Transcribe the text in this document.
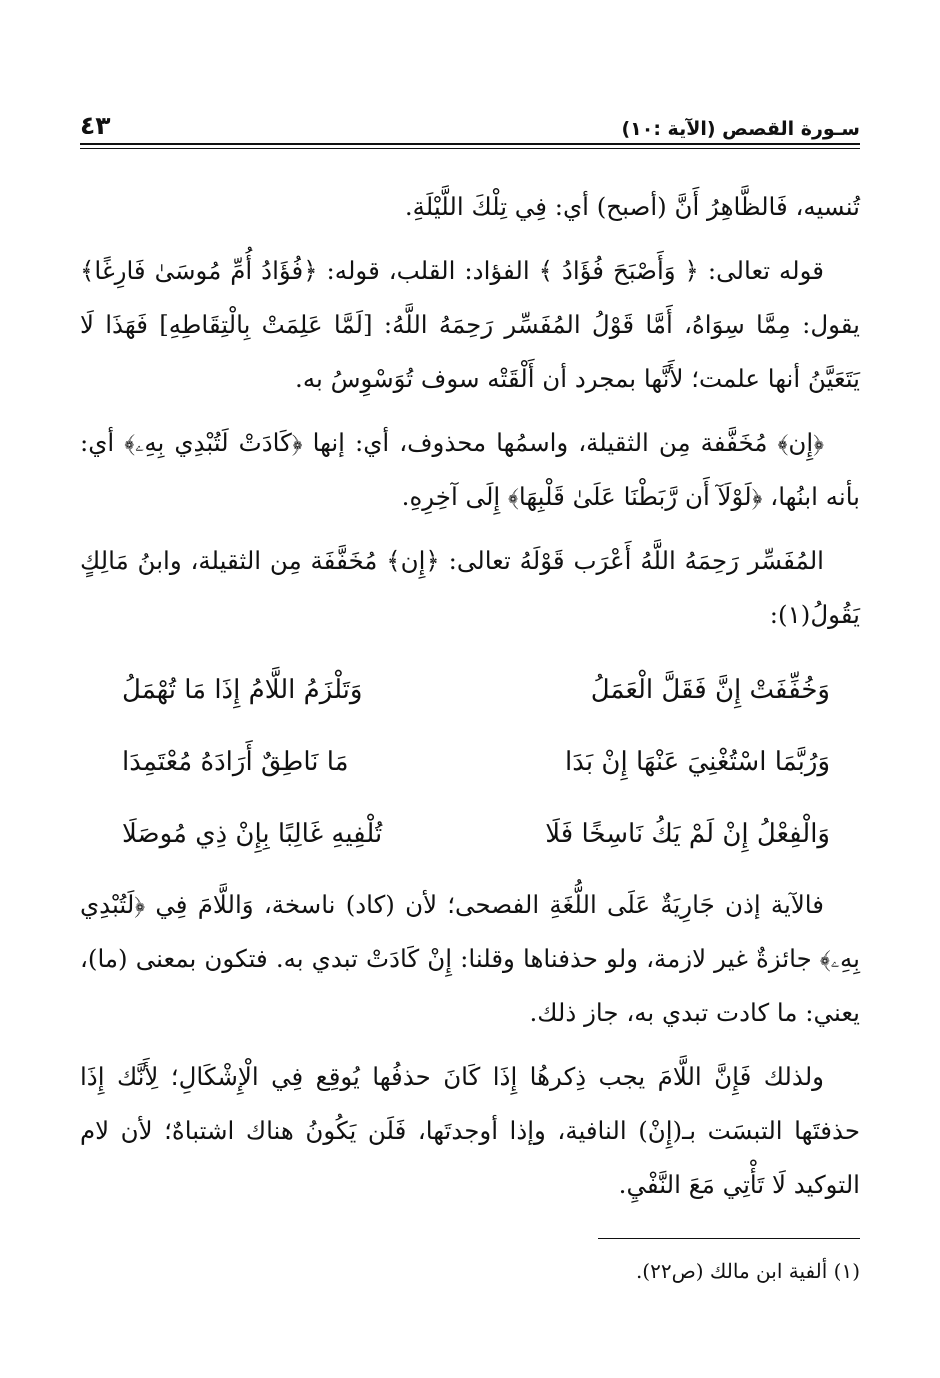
سـورة القصص (الآية :١٠)
٤٣

تُنسيه، فَالظَّاهِرُ أَنَّ (أصبح) أي: فِي تِلْكَ اللَّيْلَةِ.

قوله تعالى: ﴿ وَأَصْبَحَ فُؤَادُ ﴾ الفؤاد: القلب، قوله: ﴿فُؤَادُ أُمِّ مُوسَىٰ فَارِغًا﴾ يقول: مِمَّا سِوَاهُ، أَمَّا قَوْلُ المُفَسِّر رَحِمَهُ اللَّهُ: [لَمَّا عَلِمَتْ بِالْتِقَاطِهِ] فَهَذَا لَا يَتَعَيَّنُ أنها علمت؛ لأَنَّها بمجرد أن أَلْقَتْه سوف تُوَسْوِسُ به.

﴿إِن﴾ مُخَفَّفة مِن الثقيلة، واسمُها محذوف، أي: إنها ﴿كَادَتْ لَتُبْدِي بِهِۦ﴾ أي: بأنه ابنُها، ﴿لَوْلَآ أَن رَّبَطْنَا عَلَىٰ قَلْبِهَا﴾ إِلَى آخِرِهِ.

المُفَسِّر رَحِمَهُ اللَّهُ أَعْرَب قَوْلَهُ تعالى: ﴿إِن﴾ مُخَفَّفَة مِن الثقيلة، وابنُ مَالِكٍ يَقُولُ(١):

وَخُفِّفَتْ إِنَّ فَقَلَّ الْعَمَلُ
وَتَلْزَمُ اللَّامُ إِذَا مَا تُهْمَلُ
وَرُبَّمَا اسْتُغْنِيَ عَنْهَا إِنْ بَدَا
مَا نَاطِقٌ أَرَادَهُ مُعْتَمِدَا
وَالْفِعْلُ إِنْ لَمْ يَكُ نَاسِخًا فَلَا
تُلْفِيهِ غَالِبًا بِإِنْ ذِي مُوصَلَا

فالآية إذن جَارِيَةٌ عَلَى اللُّغَةِ الفصحى؛ لأن (كاد) ناسخة، وَاللَّامَ فِي ﴿لَتُبْدِي بِهِۦ﴾ جائزةٌ غير لازمة، ولو حذفناها وقلنا: إِنْ كَادَتْ تبدي به. فتكون بمعنى (ما)، يعني: ما كادت تبدي به، جاز ذلك.

ولذلك فَإِنَّ اللَّامَ يجب ذِكرهُا إِذَا كَانَ حذفُها يُوقِع فِي الْإِشْكَالِ؛ لِأَنَّك إِذَا حذفتَها التبسَت بـ(إِنْ) النافية، وإذا أوجدتَها، فَلَن يَكُونُ هناك اشتباهٌ؛ لأن لام التوكيد لَا تَأْتِي مَعَ النَّفْيِ.

(١) ألفية ابن مالك (ص٢٢).
